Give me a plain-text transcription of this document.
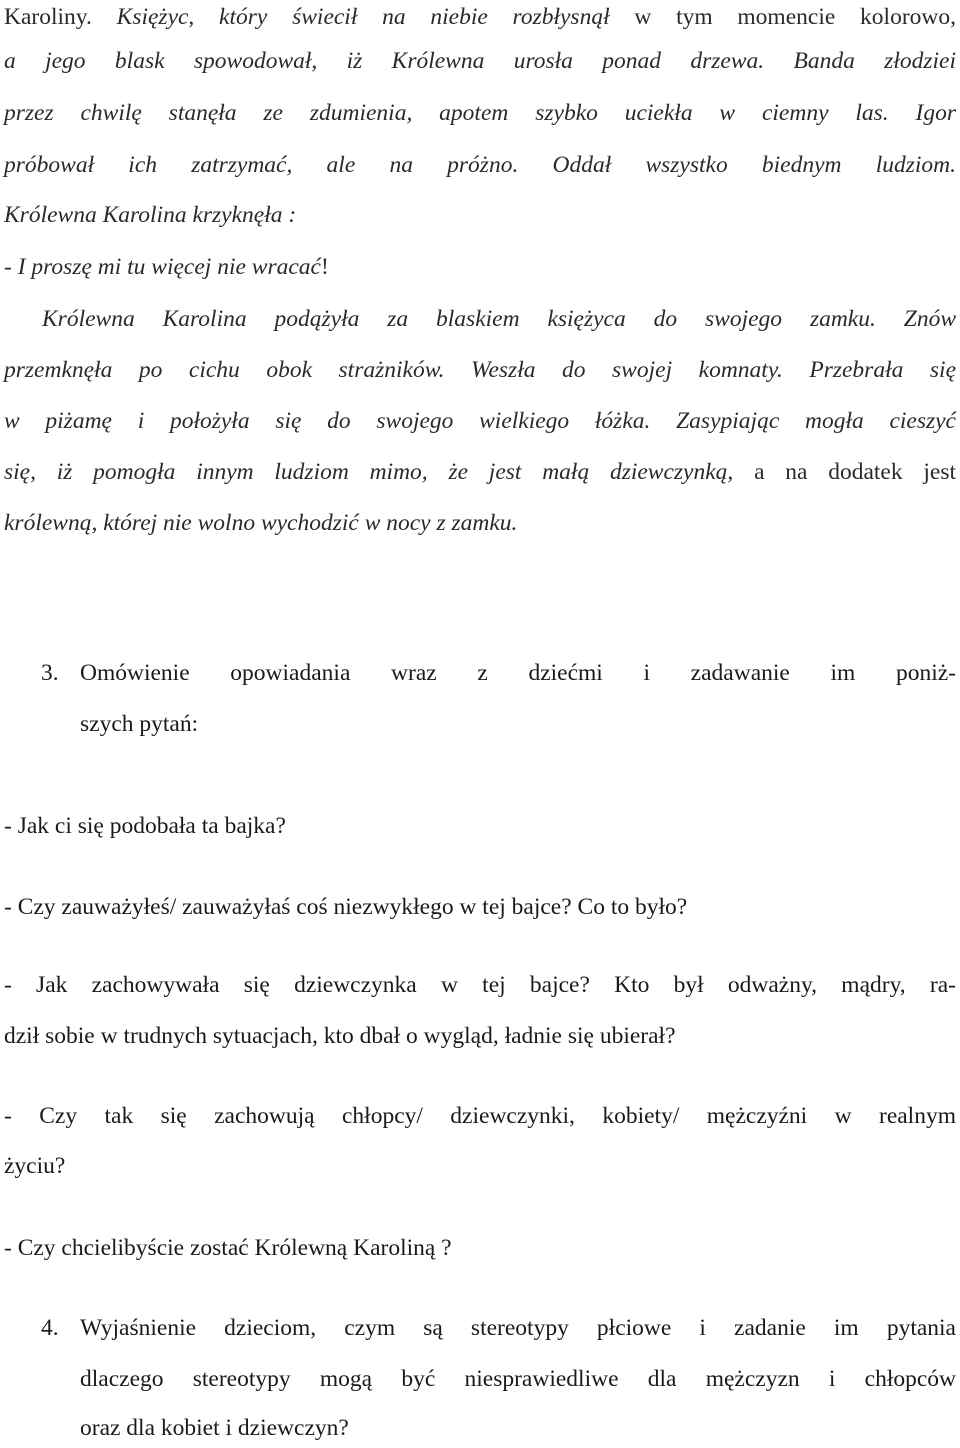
Karoliny. Księżyc, który świecił na niebie rozbłysnął w tym momencie kolorowo,
a jego blask spowodował, iż Królewna urosła ponad drzewa. Banda złodziei
przez chwilę stanęła ze zdumienia, apotem szybko uciekła w ciemny las. Igor
próbował ich zatrzymać, ale na próżno. Oddał wszystko biednym ludziom.
Królewna Karolina krzyknęła :
- I proszę mi tu więcej nie wracać!
Królewna Karolina podążyła za blaskiem księżyca do swojego zamku. Znów
przemknęła po cichu obok strażników. Weszła do swojej komnaty. Przebrała się
w piżamę i położyła się do swojego wielkiego łóżka. Zasypiając mogła cieszyć
się, iż pomogła innym ludziom mimo, że jest małą dziewczynką, a na dodatek jest
królewną, której nie wolno wychodzić w nocy z zamku.
3. Omówienie opowiadania wraz z dziećmi i zadawanie im poniż-
szych pytań:
- Jak ci się podobała ta bajka?
- Czy zauważyłeś/ zauważyłaś coś niezwykłego w tej bajce? Co to było?
- Jak zachowywała się dziewczynka w tej bajce? Kto był odważny, mądry, ra-
dził sobie w trudnych sytuacjach, kto dbał o wygląd, ładnie się ubierał?
- Czy tak się zachowują chłopcy/ dziewczynki, kobiety/ mężczyźni w realnym
życiu?
- Czy chcielibyście zostać Królewną Karoliną ?
4. Wyjaśnienie dzieciom, czym są stereotypy płciowe i zadanie im pytania
dlaczego stereotypy mogą być niesprawiedliwe dla mężczyzn i chłopców
oraz dla kobiet i dziewczyn?
